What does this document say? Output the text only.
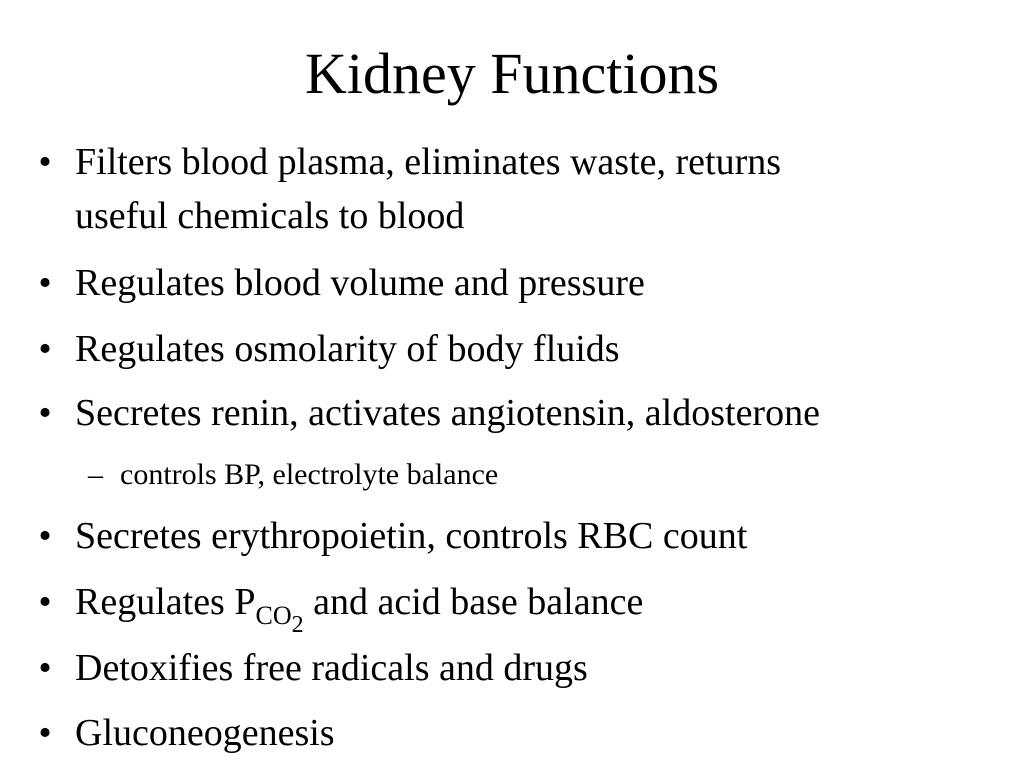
Kidney Functions
• Filters blood plasma, eliminates waste, returns
useful chemicals to blood
• Regulates blood volume and pressure
• Regulates osmolarity of body fluids
• Secretes renin, activates angiotensin, aldosterone
– controls BP, electrolyte balance
• Secretes erythropoietin, controls RBC count
• Regulates $P_{CO_2}$ and acid base balance
• Detoxifies free radicals and drugs
• Gluconeogenesis
